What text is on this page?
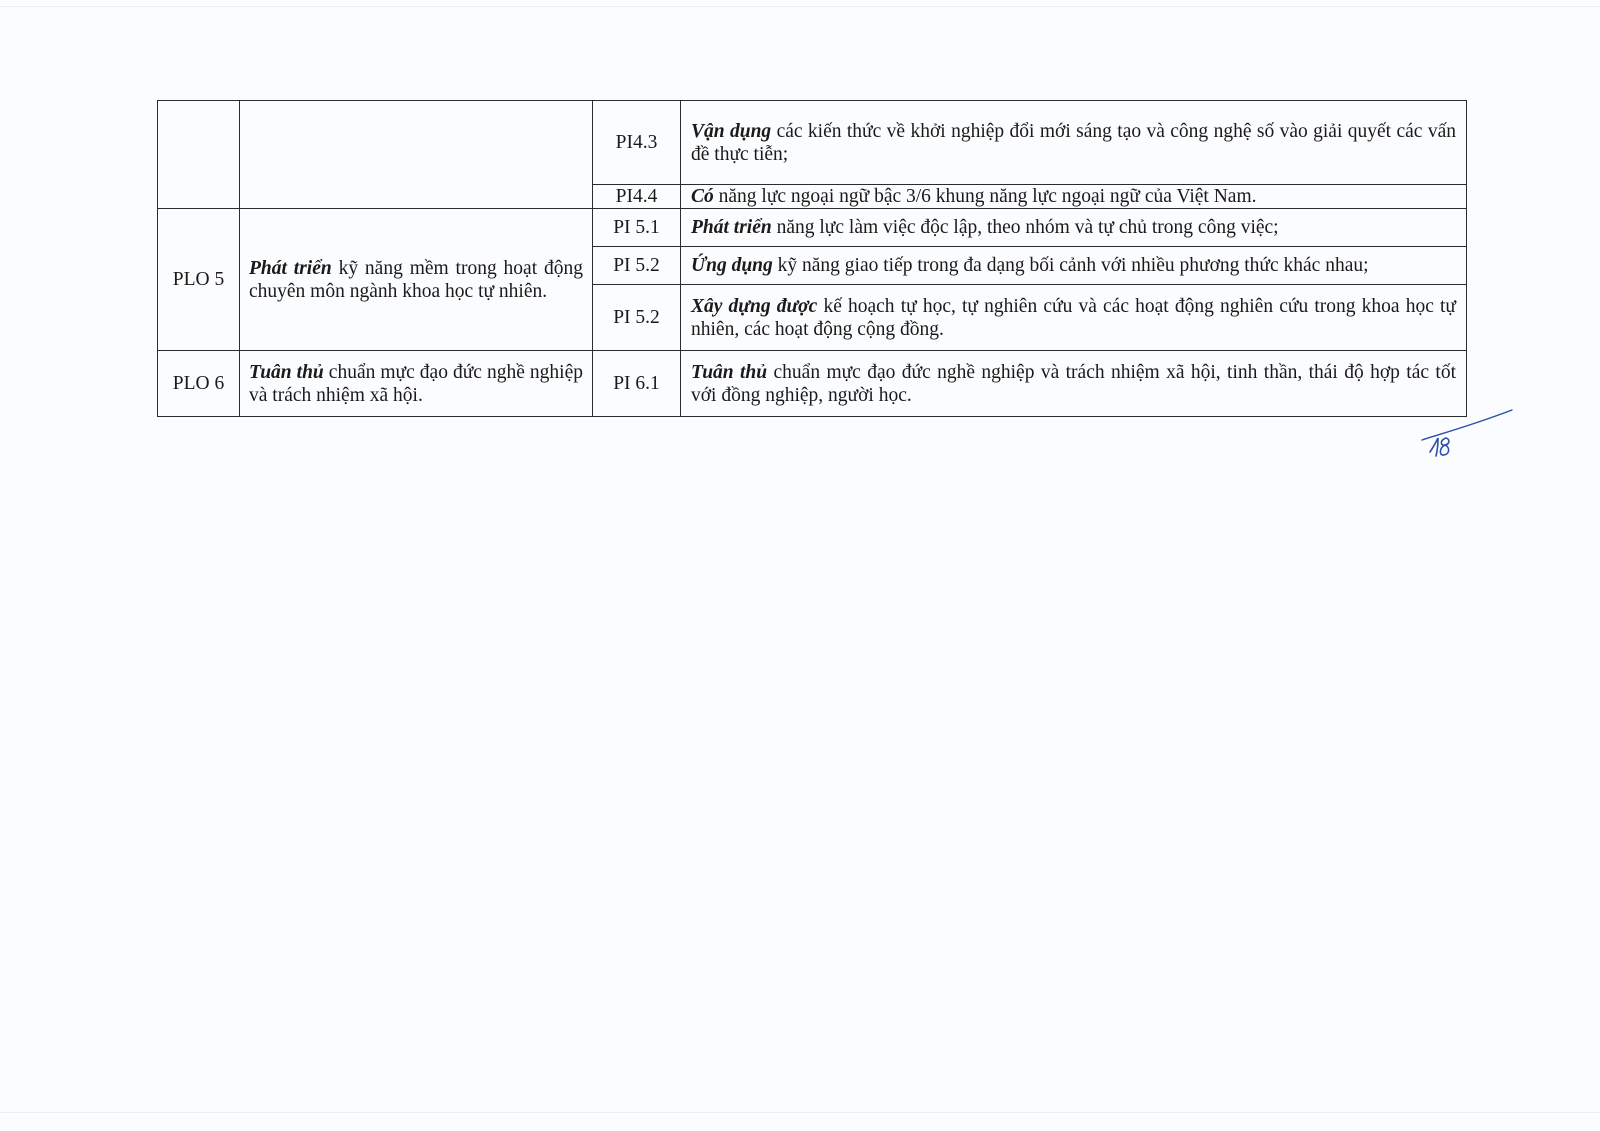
		PI4.3	Vận dụng các kiến thức về khởi nghiệp đổi mới sáng tạo và công nghệ số vào giải quyết các vấn đề thực tiễn;
		PI4.4	Có năng lực ngoại ngữ bậc 3/6 khung năng lực ngoại ngữ của Việt Nam.
PLO 5	Phát triển kỹ năng mềm trong hoạt động chuyên môn ngành khoa học tự nhiên.	PI 5.1	Phát triển năng lực làm việc độc lập, theo nhóm và tự chủ trong công việc;
		PI 5.2	Ứng dụng kỹ năng giao tiếp trong đa dạng bối cảnh với nhiều phương thức khác nhau;
		PI 5.2	Xây dựng được kế hoạch tự học, tự nghiên cứu và các hoạt động nghiên cứu trong khoa học tự nhiên, các hoạt động cộng đồng.
PLO 6	Tuân thủ chuẩn mực đạo đức nghề nghiệp và trách nhiệm xã hội.	PI 6.1	Tuân thủ chuẩn mực đạo đức nghề nghiệp và trách nhiệm xã hội, tinh thần, thái độ hợp tác tốt với đồng nghiệp, người học.
